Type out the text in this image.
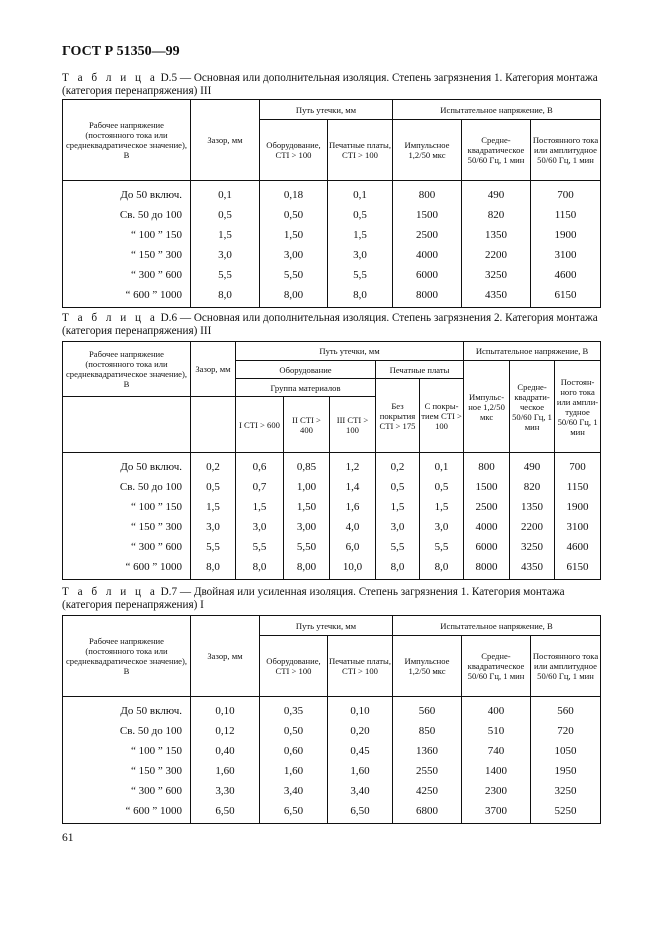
ГОСТ Р 51350—99
Т а б л и ц а D.5 — Основная или дополнительная изоляция. Степень загрязнения 1. Категория монтажа (категория перенапряжения) III
Рабочее напряжение (постоянного тока или среднеквадратическое значение), В	Зазор, мм	Путь утечки, мм		Испытательное напряжение, В		
		Оборудование, CTI > 100	Печатные платы, CTI > 100	Импульсное 1,2/50 мкс	Средне-квадратическое 50/60 Гц, 1 мин	Постоянного тока или амплитудное 50/60 Гц, 1 мин
До 50 включ.	0,1	0,18	0,1	800	490	700
Св. 50 до 100	0,5	0,50	0,5	1500	820	1150
“ 100 ” 150	1,5	1,50	1,5	2500	1350	1900
“ 150 ” 300	3,0	3,00	3,0	4000	2200	3100
“ 300 ” 600	5,5	5,50	5,5	6000	3250	4600
“ 600 ” 1000	8,0	8,00	8,0	8000	4350	6150
Т а б л и ц а D.6 — Основная или дополнительная изоляция. Степень загрязнения 2. Категория монтажа (категория перенапряжения) III
Рабочее напряжение (постоянного тока или среднеквадратическое значение), В	Зазор, мм	Путь утечки, мм					Испытательное напряжение, В		
		Оборудование			Печатные платы		Импульс-ное 1,2/50 мкс	Средне-квадрати-ческое 50/60 Гц, 1 мин	Постоян-ного тока или ампли-тудное 50/60 Гц, 1 мин
		Группа материалов			Без покрытия CTI > 175	С покры-тием CTI > 100			
		I CTI > 600	II CTI > 400	III CTI > 100					
До 50 включ.	0,2	0,6	0,85	1,2	0,2	0,1	800	490	700
Св. 50 до 100	0,5	0,7	1,00	1,4	0,5	0,5	1500	820	1150
“ 100 ” 150	1,5	1,5	1,50	1,6	1,5	1,5	2500	1350	1900
“ 150 ” 300	3,0	3,0	3,00	4,0	3,0	3,0	4000	2200	3100
“ 300 ” 600	5,5	5,5	5,50	6,0	5,5	5,5	6000	3250	4600
“ 600 ” 1000	8,0	8,0	8,00	10,0	8,0	8,0	8000	4350	6150
Т а б л и ц а D.7 — Двойная или усиленная изоляция. Степень загрязнения 1. Категория монтажа (категория перенапряжения) I
Рабочее напряжение (постоянного тока или среднеквадратическое значение), В	Зазор, мм	Путь утечки, мм		Испытательное напряжение, В		
		Оборудование, CTI > 100	Печатные платы, CTI > 100	Импульсное 1,2/50 мкс	Средне-квадратическое 50/60 Гц, 1 мин	Постоянного тока или амплитудное 50/60 Гц, 1 мин
До 50 включ.	0,10	0,35	0,10	560	400	560
Св. 50 до 100	0,12	0,50	0,20	850	510	720
“ 100 ” 150	0,40	0,60	0,45	1360	740	1050
“ 150 ” 300	1,60	1,60	1,60	2550	1400	1950
“ 300 ” 600	3,30	3,40	3,40	4250	2300	3250
“ 600 ” 1000	6,50	6,50	6,50	6800	3700	5250
61
